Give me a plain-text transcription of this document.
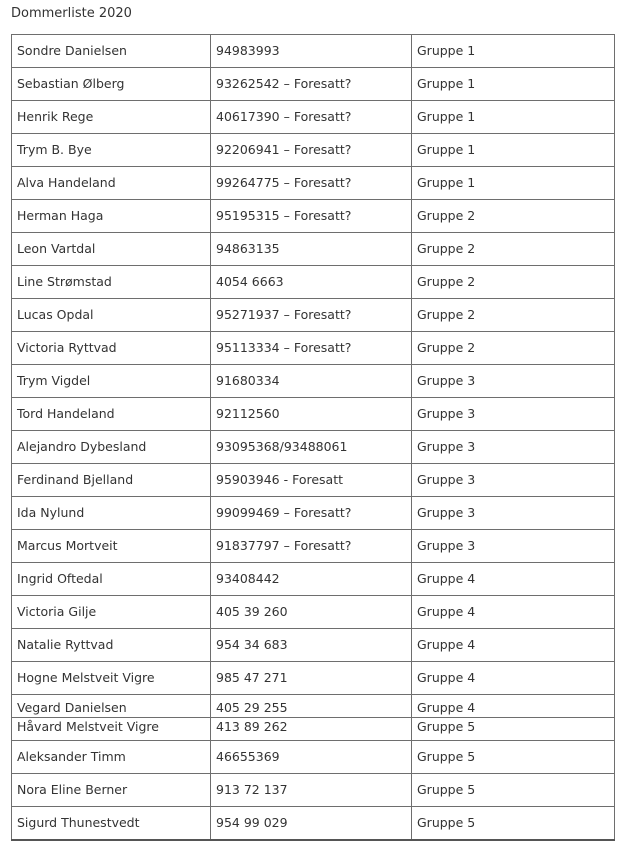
Dommerliste 2020
Sondre Danielsen	94983993	Gruppe 1
Sebastian Ølberg	93262542 – Foresatt?	Gruppe 1
Henrik Rege	40617390 – Foresatt?	Gruppe 1
Trym B. Bye	92206941 – Foresatt?	Gruppe 1
Alva Handeland	99264775 – Foresatt?	Gruppe 1
Herman Haga	95195315 – Foresatt?	Gruppe 2
Leon Vartdal	94863135	Gruppe 2
Line Strømstad	4054 6663	Gruppe 2
Lucas Opdal	95271937 – Foresatt?	Gruppe 2
Victoria Ryttvad	95113334 – Foresatt?	Gruppe 2
Trym Vigdel	91680334	Gruppe 3
Tord Handeland	92112560	Gruppe 3
Alejandro Dybesland	93095368/93488061	Gruppe 3
Ferdinand Bjelland	95903946 - Foresatt	Gruppe 3
Ida Nylund	99099469 – Foresatt?	Gruppe 3
Marcus Mortveit	91837797 – Foresatt?	Gruppe 3
Ingrid Oftedal	93408442	Gruppe 4
Victoria Gilje	405 39 260	Gruppe 4
Natalie Ryttvad	954 34 683	Gruppe 4
Hogne Melstveit Vigre	985 47 271	Gruppe 4
Vegard Danielsen	405 29 255	Gruppe 4
Håvard Melstveit Vigre	413 89 262	Gruppe 5
Aleksander Timm	46655369	Gruppe 5
Nora Eline Berner	913 72 137	Gruppe 5
Sigurd Thunestvedt	954 99 029	Gruppe 5
